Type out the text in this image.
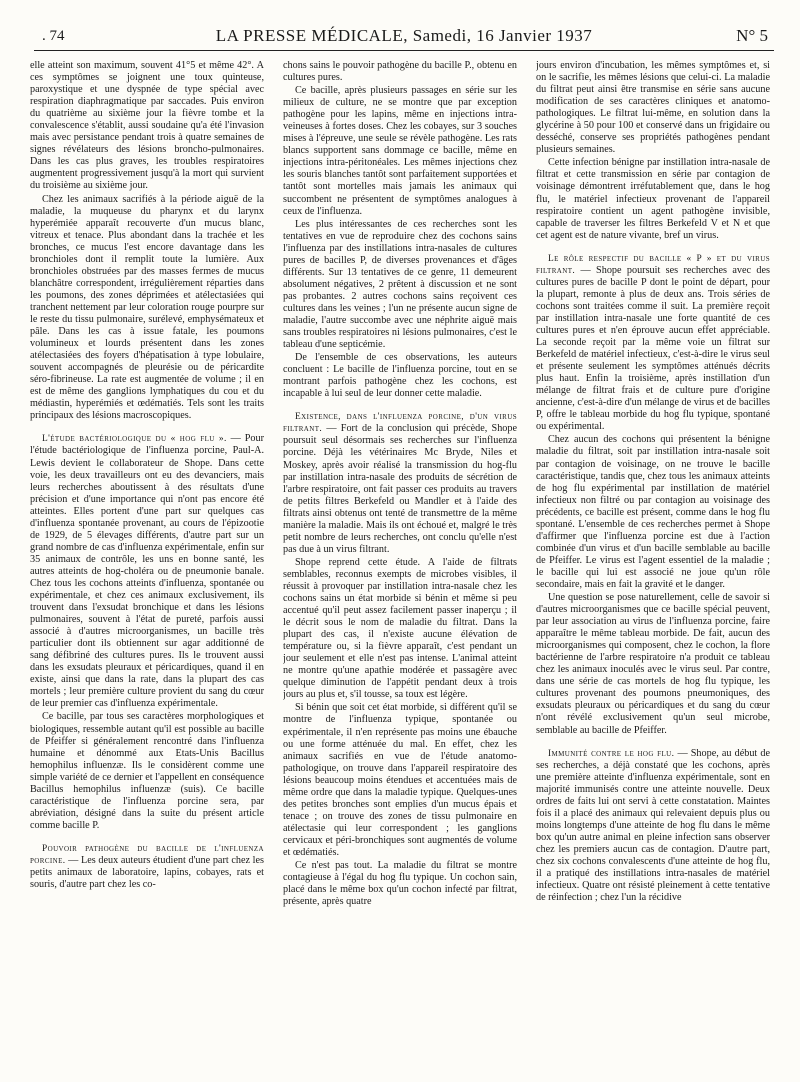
. 74	LA PRESSE MÉDICALE, Samedi, 16 Janvier 1937	N° 5

elle atteint son maximum, souvent 41°5 et même 42°. A ces symptômes se joignent une toux quinteuse, paroxystique et une dyspnée de type spécial avec respiration diaphragmatique par saccades. Puis environ du quatrième au sixième jour la fièvre tombe et la convalescence s'établit, aussi soudaine qu'a été l'invasion mais avec persistance pendant trois à quatre semaines de signes révélateurs des lésions broncho-pulmonaires. Dans les cas plus graves, les troubles respiratoires augmentent progressivement jusqu'à la mort qui survient du troisième au sixième jour.

Chez les animaux sacrifiés à la période aiguë de la maladie, la muqueuse du pharynx et du larynx hyperémiée apparaît recouverte d'un mucus blanc, vitreux et tenace. Plus abondant dans la trachée et les bronches, ce mucus l'est encore davantage dans les bronchioles dont il remplit toute la lumière. Aux bronchioles obstruées par des masses fermes de mucus blanchâtre correspondent, irrégulièrement réparties dans les poumons, des zones déprimées et atélectasiées qui tranchent nettement par leur coloration rouge pourpre sur le reste du tissu pulmonaire, surélevé, emphysémateux et pâle. Dans les cas à issue fatale, les poumons volumineux et lourds présentent dans les zones atélectasiées des foyers d'hépatisation à type lobulaire, souvent accompagnés de pleurésie ou de péricardite séro-fibrineuse. La rate est augmentée de volume ; il en est de même des ganglions lymphatiques du cou et du médiastin, hyperémiés et œdématiés. Tels sont les traits principaux des lésions macroscopiques.

L'étude bactériologique du « hog flu ». — Pour l'étude bactériologique de l'influenza porcine, Paul-A. Lewis devient le collaborateur de Shope. Dans cette voie, les deux travailleurs ont eu des devanciers, mais leurs recherches aboutissent à des résultats d'une précision et d'une importance qui n'ont pas encore été atteintes. Elles portent d'une part sur quelques cas d'influenza spontanée provenant, au cours de l'épizootie de 1929, de 5 élevages différents, d'autre part sur un grand nombre de cas d'influenza expérimentale, enfin sur 35 animaux de contrôle, les uns en bonne santé, les autres atteints de hog-choléra ou de pneumonie banale. Chez tous les cochons atteints d'influenza, spontanée ou expérimentale, et chez ces animaux exclusivement, ils trouvent dans l'exsudat bronchique et dans les lésions pulmonaires, souvent à l'état de pureté, parfois aussi associé à d'autres microorganismes, un bacille très particulier dont ils obtiennent sur agar additionné de sang défibriné des cultures pures. Ils le trouvent aussi dans les exsudats pleuraux et péricardiques, quand il en existe, ainsi que dans la rate, dans la plupart des cas mortels ; leur première culture provient du sang du cœur de leur premier cas d'influenza expérimentale.

Ce bacille, par tous ses caractères morphologiques et biologiques, ressemble autant qu'il est possible au bacille de Pfeiffer si généralement rencontré dans l'influenza humaine et dénommé aux Etats-Unis Bacillus hemophilus influenzæ. Ils le considèrent comme une simple variété de ce dernier et l'appellent en conséquence Bacillus hemophilus influenzæ (suis). Ce bacille caractéristique de l'influenza porcine sera, par abréviation, désigné dans la suite du présent article comme bacille P.

Pouvoir pathogène du bacille de l'influenza porcine. — Les deux auteurs étudient d'une part chez les petits animaux de laboratoire, lapins, cobayes, rats et souris, d'autre part chez les co-

chons sains le pouvoir pathogène du bacille P., obtenu en cultures pures.

Ce bacille, après plusieurs passages en série sur les milieux de culture, ne se montre que par exception pathogène pour les lapins, même en injections intra-veineuses à fortes doses. Chez les cobayes, sur 3 souches mises à l'épreuve, une seule se révèle pathogène. Les rats blancs supportent sans dommage ce bacille, même en injections intra-péritonéales. Les mêmes injections chez les souris blanches tantôt sont parfaitement supportées et tantôt sont mortelles mais jamais les animaux qui succombent ne présentent de symptômes analogues à ceux de l'influenza.

Les plus intéressantes de ces recherches sont les tentatives en vue de reproduire chez des cochons sains l'influenza par des instillations intra-nasales de cultures pures de bacilles P, de diverses provenances et d'âges différents. Sur 13 tentatives de ce genre, 11 demeurent absolument négatives, 2 prêtent à discussion et ne sont pas probantes. 2 autres cochons sains reçoivent ces cultures dans les veines ; l'un ne présente aucun signe de maladie, l'autre succombe avec une néphrite aiguë mais sans troubles respiratoires ni lésions pulmonaires, c'est le tableau d'une septicémie.

De l'ensemble de ces observations, les auteurs concluent : Le bacille de l'influenza porcine, tout en se montrant parfois pathogène chez les cochons, est incapable à lui seul de leur donner cette maladie.

Existence, dans l'influenza porcine, d'un virus filtrant. — Fort de la conclusion qui précède, Shope poursuit seul désormais ses recherches sur l'influenza porcine. Déjà les vétérinaires Mc Bryde, Niles et Moskey, après avoir réalisé la transmission du hog-flu par instillation intra-nasale des produits de sécrétion de l'arbre respiratoire, ont fait passer ces produits au travers de petits filtres Berkefeld ou Mandler et à l'aide des filtrats ainsi obtenus ont tenté de transmettre de la même manière la maladie. Mais ils ont échoué et, malgré le très petit nombre de leurs recherches, ont conclu qu'elle n'est pas due à un virus filtrant.

Shope reprend cette étude. A l'aide de filtrats semblables, reconnus exempts de microbes visibles, il réussit à provoquer par instillation intra-nasale chez les cochons sains un état morbide si bénin et même si peu accentué qu'il peut assez facilement passer inaperçu ; il le décrit sous le nom de maladie du filtrat. Dans la plupart des cas, il n'existe aucune élévation de température ou, si la fièvre apparaît, c'est pendant un jour seulement et elle n'est pas intense. L'animal atteint ne montre qu'une apathie modérée et passagère avec quelque diminution de l'appétit pendant deux à trois jours au plus et, s'il tousse, sa toux est légère.

Si bénin que soit cet état morbide, si différent qu'il se montre de l'influenza typique, spontanée ou expérimentale, il n'en représente pas moins une ébauche ou une forme atténuée du mal. En effet, chez les animaux sacrifiés en vue de l'étude anatomo-pathologique, on trouve dans l'appareil respiratoire des lésions beaucoup moins étendues et accentuées mais de même ordre que dans la maladie typique. Quelques-unes des petites bronches sont emplies d'un mucus épais et tenace ; on trouve des zones de tissu pulmonaire en atélectasie qui leur correspondent ; les ganglions cervicaux et péri-bronchiques sont augmentés de volume et œdématiés.

Ce n'est pas tout. La maladie du filtrat se montre contagieuse à l'égal du hog flu typique. Un cochon sain, placé dans le même box qu'un cochon infecté par filtrat, présente, après quatre

jours environ d'incubation, les mêmes symptômes et, si on le sacrifie, les mêmes lésions que celui-ci. La maladie du filtrat peut ainsi être transmise en série sans aucune modification de ses caractères cliniques et anatomo-pathologiques. Le filtrat lui-même, en solution dans la glycérine à 50 pour 100 et conservé dans un frigidaire ou desséché, conserve ses propriétés pathogènes pendant plusieurs semaines.

Cette infection bénigne par instillation intra-nasale de filtrat et cette transmission en série par contagion de voisinage démontrent irréfutablement que, dans le hog flu, le matériel infectieux provenant de l'appareil respiratoire contient un agent pathogène invisible, capable de traverser les filtres Berkefeld V et N et que cet agent est de nature vivante, bref un virus.

Le rôle respectif du bacille « P » et du virus filtrant. — Shope poursuit ses recherches avec des cultures pures de bacille P dont le point de départ, pour la plupart, remonte à plus de deux ans. Trois séries de cochons sont traitées comme il suit. La première reçoit par instillation intra-nasale une forte quantité de ces cultures pures et n'en éprouve aucun effet appréciable. La seconde reçoit par la même voie un filtrat sur Berkefeld de matériel infectieux, c'est-à-dire le virus seul et présente seulement les symptômes atténués décrits plus haut. Enfin la troisième, après instillation d'un mélange de filtrat frais et de culture pure d'origine ancienne, c'est-à-dire d'un mélange de virus et de bacilles P, offre le tableau morbide du hog flu typique, spontané ou expérimental.

Chez aucun des cochons qui présentent la bénigne maladie du filtrat, soit par instillation intra-nasale soit par contagion de voisinage, on ne trouve le bacille caractéristique, tandis que, chez tous les animaux atteints de hog flu expérimental par instillation de matériel infectieux non filtré ou par contagion au voisinage des précédents, ce bacille est présent, comme dans le hog flu spontané. L'ensemble de ces recherches permet à Shope d'affirmer que l'influenza porcine est due à l'action combinée d'un virus et d'un bacille semblable au bacille de Pfeiffer. Le virus est l'agent essentiel de la maladie ; le bacille qui lui est associé ne joue qu'un rôle secondaire, mais en fait la gravité et le danger.

Une question se pose naturellement, celle de savoir si d'autres microorganismes que ce bacille spécial peuvent, par leur association au virus de l'influenza porcine, faire apparaître le même tableau morbide. De fait, aucun des microorganismes qui composent, chez le cochon, la flore bactérienne de l'arbre respiratoire n'a produit ce tableau chez les animaux inoculés avec le virus seul. Par contre, dans une série de cas mortels de hog flu typique, les cultures provenant des poumons pneumoniques, des exsudats pleuraux ou péricardiques et du sang du cœur n'ont révélé exclusivement qu'un seul microbe, semblable au bacille de Pfeiffer.

Immunité contre le hog flu. — Shope, au début de ses recherches, a déjà constaté que les cochons, après une première atteinte d'influenza expérimentale, sont en majorité immunisés contre une atteinte nouvelle. Deux ordres de faits lui ont servi à cette constatation. Maintes fois il a placé des animaux qui relevaient depuis plus ou moins longtemps d'une atteinte de hog flu dans le même box qu'un autre animal en pleine infection sans observer chez les premiers aucun cas de contagion. D'autre part, chez six cochons convalescents d'une atteinte de hog flu, il a pratiqué des instillations intra-nasales de matériel infectieux. Quatre ont résisté pleinement à cette tentative de réinfection ; chez l'un la récidive
